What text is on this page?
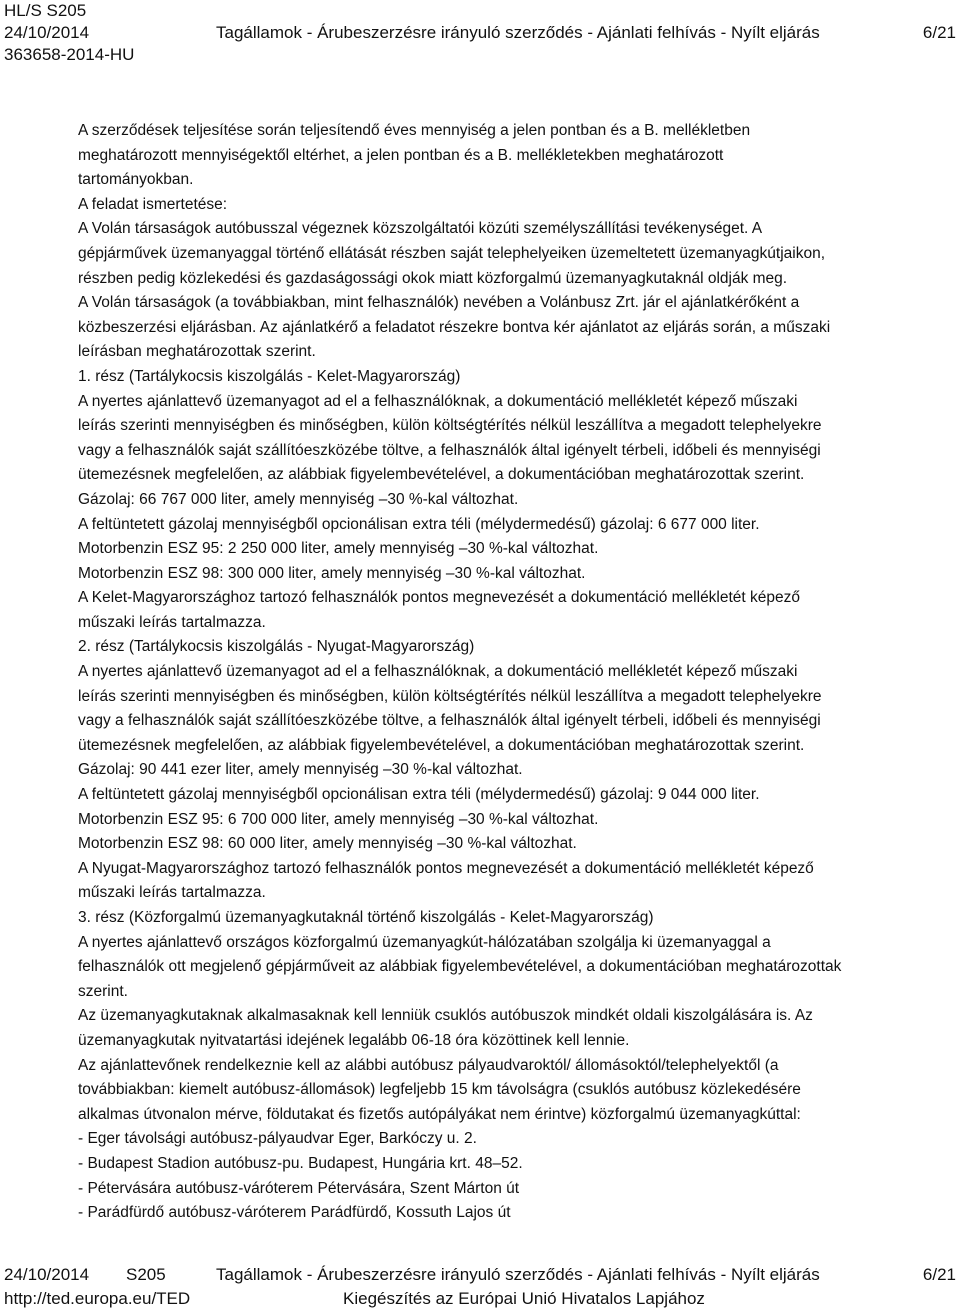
HL/S S205
24/10/2014	Tagállamok - Árubeszerzésre irányuló szerződés - Ajánlati felhívás - Nyílt eljárás	6/21
363658-2014-HU

A szerződések teljesítése során teljesítendő éves mennyiség a jelen pontban és a B. mellékletben

meghatározott mennyiségektől eltérhet, a jelen pontban és a B. mellékletekben meghatározott

tartományokban.

A feladat ismertetése:

A Volán társaságok autóbusszal végeznek közszolgáltatói közúti személyszállítási tevékenységet. A

gépjárművek üzemanyaggal történő ellátását részben saját telephelyeiken üzemeltetett üzemanyagkútjaikon,

részben pedig közlekedési és gazdaságossági okok miatt közforgalmú üzemanyagkutaknál oldják meg.

A Volán társaságok (a továbbiakban, mint felhasználók) nevében a Volánbusz Zrt. jár el ajánlatkérőként a

közbeszerzési eljárásban. Az ajánlatkérő a feladatot részekre bontva kér ajánlatot az eljárás során, a műszaki

leírásban meghatározottak szerint.

1. rész (Tartálykocsis kiszolgálás - Kelet-Magyarország)

A nyertes ajánlattevő üzemanyagot ad el a felhasználóknak, a dokumentáció mellékletét képező műszaki

leírás szerinti mennyiségben és minőségben, külön költségtérítés nélkül leszállítva a megadott telephelyekre

vagy a felhasználók saját szállítóeszközébe töltve, a felhasználók által igényelt térbeli, időbeli és mennyiségi

ütemezésnek megfelelően, az alábbiak figyelembevételével, a dokumentációban meghatározottak szerint.

Gázolaj: 66 767 000 liter, amely mennyiség –30 %-kal változhat.

A feltüntetett gázolaj mennyiségből opcionálisan extra téli (mélydermedésű) gázolaj: 6 677 000 liter.

Motorbenzin ESZ 95: 2 250 000 liter, amely mennyiség –30 %-kal változhat.

Motorbenzin ESZ 98: 300 000 liter, amely mennyiség –30 %-kal változhat.

A Kelet-Magyarországhoz tartozó felhasználók pontos megnevezését a dokumentáció mellékletét képező

műszaki leírás tartalmazza.

2. rész (Tartálykocsis kiszolgálás - Nyugat-Magyarország)

A nyertes ajánlattevő üzemanyagot ad el a felhasználóknak, a dokumentáció mellékletét képező műszaki

leírás szerinti mennyiségben és minőségben, külön költségtérítés nélkül leszállítva a megadott telephelyekre

vagy a felhasználók saját szállítóeszközébe töltve, a felhasználók által igényelt térbeli, időbeli és mennyiségi

ütemezésnek megfelelően, az alábbiak figyelembevételével, a dokumentációban meghatározottak szerint.

Gázolaj: 90 441 ezer liter, amely mennyiség –30 %-kal változhat.

A feltüntetett gázolaj mennyiségből opcionálisan extra téli (mélydermedésű) gázolaj: 9 044 000 liter.

Motorbenzin ESZ 95: 6 700 000 liter, amely mennyiség –30 %-kal változhat.

Motorbenzin ESZ 98: 60 000 liter, amely mennyiség –30 %-kal változhat.

A Nyugat-Magyarországhoz tartozó felhasználók pontos megnevezését a dokumentáció mellékletét képező

műszaki leírás tartalmazza.

3. rész (Közforgalmú üzemanyagkutaknál történő kiszolgálás - Kelet-Magyarország)

A nyertes ajánlattevő országos közforgalmú üzemanyagkút-hálózatában szolgálja ki üzemanyaggal a

felhasználók ott megjelenő gépjárműveit az alábbiak figyelembevételével, a dokumentációban meghatározottak

szerint.

Az üzemanyagkutaknak alkalmasaknak kell lenniük csuklós autóbuszok mindkét oldali kiszolgálására is. Az

üzemanyagkutak nyitvatartási idejének legalább 06-18 óra közöttinek kell lennie.

Az ajánlattevőnek rendelkeznie kell az alábbi autóbusz pályaudvaroktól/ állomásoktól/telephelyektől (a

továbbiakban: kiemelt autóbusz-állomások) legfeljebb 15 km távolságra (csuklós autóbusz közlekedésére

alkalmas útvonalon mérve, földutakat és fizetős autópályákat nem érintve) közforgalmú üzemanyagkúttal:

- Eger távolsági autóbusz-pályaudvar Eger, Barkóczy u. 2.

- Budapest Stadion autóbusz-pu. Budapest, Hungária krt. 48–52.

- Pétervására autóbusz-váróterem Pétervására, Szent Márton út

- Parádfürdő autóbusz-váróterem Parádfürdő, Kossuth Lajos út

24/10/2014 S205	Tagállamok - Árubeszerzésre irányuló szerződés - Ajánlati felhívás - Nyílt eljárás	6/21
http://ted.europa.eu/TED	Kiegészítés az Európai Unió Hivatalos Lapjához
